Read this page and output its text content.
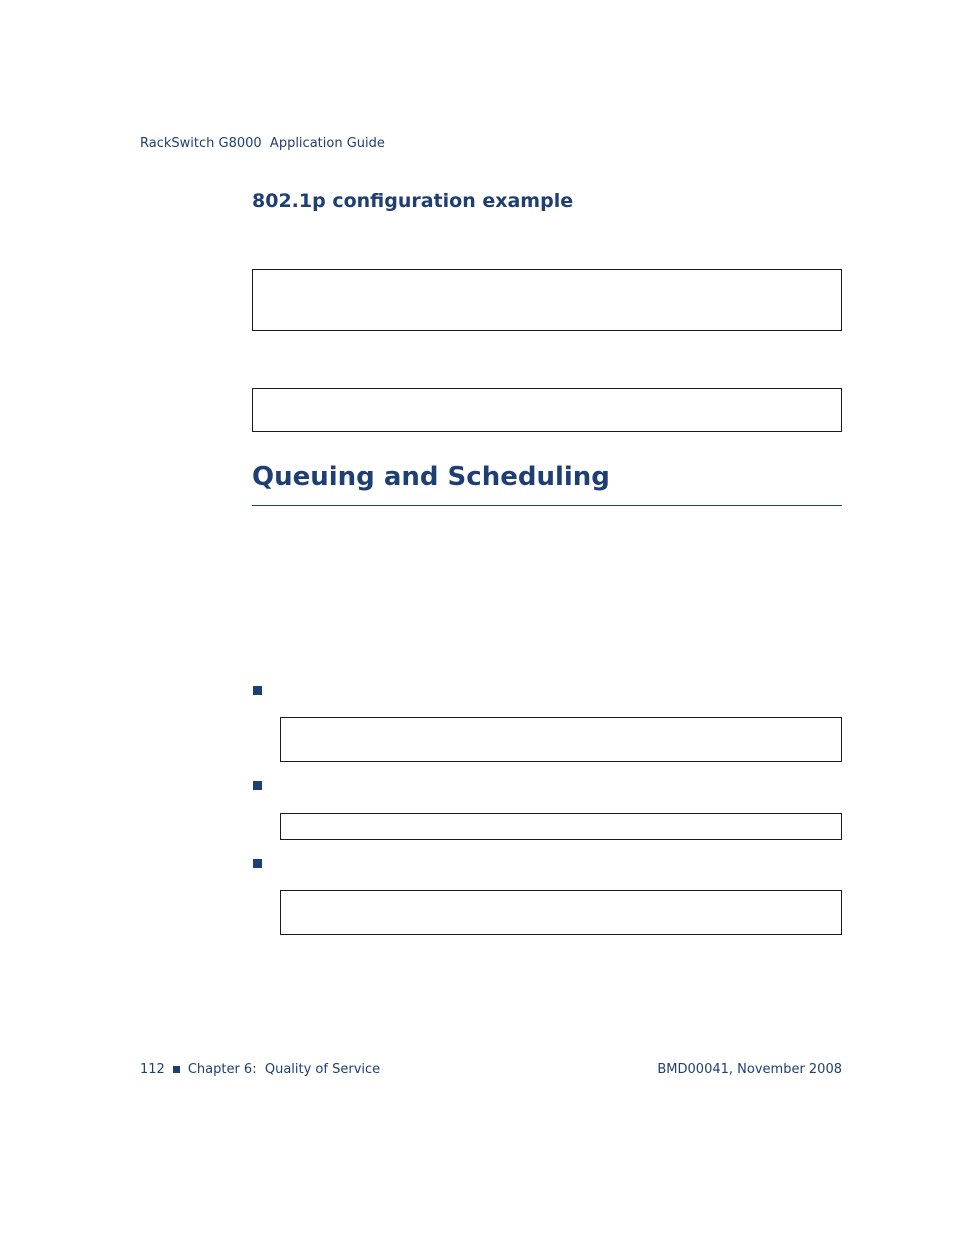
RackSwitch G8000  Application Guide
802.1p configuration example
Queuing and Scheduling
112 Chapter 6:  Quality of Service	BMD00041, November 2008
